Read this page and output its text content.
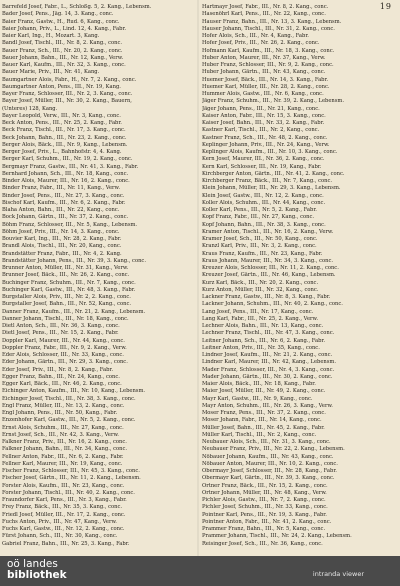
19
Barrefeld Josef, Fabr., L., Schloßg. 5, 2. Kang., Lebensm.
Bader Josef, Pens., Jäg. 14, 3. Kang., conc.
Baier Franz, Gastw., H., Rud. 6, Kang., conc.
Baier Johann, Priv., L., Lind. 12, 4. Kang., Fabr.
Baier Karl, Ing., H., Mozart. 3, Kang.
Bandl Josef, Tischl., III., Nr. 8, 2. Kang., conc.
Bauer Franz, Sch., III., Nr. 20, 2. Kang., conc.
Bauer Johann, Bahn., III., Nr. 12, Kang., Verw.
Bauer Karl, Kaufm., III., Nr. 32, 3. Kang., conc.
Bauer Marie, Priv., III., Nr. 41, Kang.
Baumgartner Alois, Fabr., H., Nr. 7, 2. Kang., conc.
Baumgartner Anton, Pens., III., Nr. 19, Kang.
Bayer Franz, Schlosser, III., Nr. 2, 3. Kang., conc.
Bayer Josef, Müller, III., Nr. 30, 2. Kang., Bauern,
(Unteres) 128, Kang.
Bayer Leopold, Verw., III., Nr. 3, Kang., conc.
Beck Anton, Pens., III., Nr. 25, 2. Kang., Fabr.
Beck Franz, Tischl., III., Nr. 17, 3. Kang., conc.
Beck Johann, Bahn., III., Nr. 23, 2. Kang., conc.
Berger Alois, Bäck., III., Nr. 9, Kang., Lebensm.
Berger Josef, Priv., L., Bahnhofstr. 4, 4. Kang.
Berger Karl, Schuhm., III., Nr. 19, 2. Kang., conc.
Bergmayr Franz, Gastw., III., Nr. 41, 3. Kang., Fabr.
Bernhard Johann, Sch., III., Nr. 18, Kang., conc.
Binder Alois, Maurer, III., Nr. 16, 2. Kang., conc.
Binder Franz, Fabr., III., Nr. 11, Kang., Verw.
Binder Josef, Pens., III., Nr. 27, 3. Kang., conc.
Bischof Karl, Kaufm., III., Nr. 6, 2. Kang., Fabr.
Blaha Anton, Bahn., III., Nr. 22, Kang., conc.
Bock Johann, Gärtn., III., Nr. 37, 2. Kang., conc.
Böhm Franz, Schlosser, III., Nr. 5, Kang., Lebensm.
Böhm Josef, Priv., III., Nr. 14, 3. Kang., conc.
Bouvier Karl, Ing., III., Nr. 28, 2. Kang., Fabr.
Brandl Alois, Tischl., III., Nr. 20, Kang., conc.
Brandstätter Franz, Fabr., III., Nr. 4, 2. Kang.
Brandstätter Johann, Pens., III., Nr. 39, 3. Kang., conc.
Brunner Anton, Müller, III., Nr. 31, Kang., Verw.
Brunner Josef, Bäck., III., Nr. 26, 2. Kang., conc.
Buchinger Franz, Schuhm., III., Nr. 7, Kang., conc.
Buchinger Karl, Gastw., III., Nr. 48, 3. Kang., Fabr.
Burgstaller Alois, Priv., III., Nr. 2, 2. Kang., conc.
Burgstaller Josef, Bahn., III., Nr. 52, Kang., conc.
Danner Franz, Kaufm., III., Nr. 21, 2. Kang., Lebensm.
Danner Johann, Tischl., III., Nr. 18, Kang., conc.
Dietl Anton, Sch., III., Nr. 36, 3. Kang., conc.
Dietl Josef, Pens., III., Nr. 15, 2. Kang., Fabr.
Doppler Karl, Maurer, III., Nr. 44, Kang., conc.
Doppler Franz, Fabr., III., Nr. 9, 2. Kang., Verw.
Eder Alois, Schlosser, III., Nr. 33, Kang., conc.
Eder Johann, Gärtn., III., Nr. 29, 3. Kang., conc.
Eder Josef, Priv., III., Nr. 8, 2. Kang., Fabr.
Egger Franz, Bahn., III., Nr. 24, Kang., conc.
Egger Karl, Bäck., III., Nr. 46, 2. Kang., conc.
Eichinger Anton, Kaufm., III., Nr. 10, Kang., Lebensm.
Eichinger Josef, Tischl., III., Nr. 38, 3. Kang., conc.
Engl Franz, Müller, III., Nr. 13, 2. Kang., conc.
Engl Johann, Pens., III., Nr. 50, Kang., Fabr.
Enzenhofer Karl, Gastw., III., Nr. 5, 2. Kang., conc.
Ernst Alois, Schuhm., III., Nr. 27, Kang., conc.
Ernst Josef, Sch., III., Nr. 42, 3. Kang., Verw.
Falkner Franz, Priv., III., Nr. 16, 2. Kang., conc.
Falkner Johann, Bahn., III., Nr. 34, Kang., conc.
Fellner Anton, Fabr., III., Nr. 6, 2. Kang., Fabr.
Fellner Karl, Maurer, III., Nr. 19, Kang., conc.
Fischer Franz, Schlosser, III., Nr. 45, 3. Kang., conc.
Fischer Josef, Gärtn., III., Nr. 11, 2. Kang., Lebensm.
Forster Alois, Kaufm., III., Nr. 23, Kang., conc.
Forster Johann, Tischl., III., Nr. 40, 2. Kang., conc.
Fraundorfer Karl, Pens., III., Nr. 3, Kang., Fabr.
Frey Franz, Bäck., III., Nr. 35, 3. Kang., conc.
Friedl Josef, Müller, III., Nr. 17, 2. Kang., conc.
Fuchs Anton, Priv., III., Nr. 47, Kang., Verw.
Fuchs Karl, Gastw., III., Nr. 12, 2. Kang., conc.
Fürst Johann, Sch., III., Nr. 30, Kang., conc.
Gabriel Franz, Bahn., III., Nr. 25, 3. Kang., Fabr.
Hartmayr Josef, Fabr., III., Nr. 8, 2. Kang., conc.
Hasenöhrl Karl, Pens., III., Nr. 22, Kang., conc.
Hauser Franz, Bahn., III., Nr. 13, 3. Kang., Lebensm.
Hauser Johann, Tischl., III., Nr. 31, 2. Kang., conc.
Hofer Alois, Sch., III., Nr. 4, Kang., Fabr.
Hofer Josef, Priv., III., Nr. 26, 2. Kang., conc.
Hofmann Karl, Kaufm., III., Nr. 18, 3. Kang., conc.
Huber Anton, Maurer, III., Nr. 37, Kang., Verw.
Huber Franz, Schlosser, III., Nr. 9, 2. Kang., conc.
Huber Johann, Gärtn., III., Nr. 43, Kang., conc.
Huemer Josef, Bäck., III., Nr. 14, 3. Kang., Fabr.
Huemer Karl, Müller, III., Nr. 28, 2. Kang., conc.
Hummer Alois, Gastw., III., Nr. 6, Kang., conc.
Jäger Franz, Schuhm., III., Nr. 39, 2. Kang., Lebensm.
Jäger Johann, Pens., III., Nr. 21, Kang., conc.
Kaiser Anton, Fabr., III., Nr. 15, 3. Kang., conc.
Kaiser Josef, Bahn., III., Nr. 33, 2. Kang., Fabr.
Kastner Karl, Tischl., III., Nr. 2, Kang., conc.
Kastner Franz, Sch., III., Nr. 48, 2. Kang., conc.
Keplinger Johann, Priv., III., Nr. 24, Kang., Verw.
Keplinger Alois, Kaufm., III., Nr. 10, 3. Kang., conc.
Kern Josef, Maurer, III., Nr. 36, 2. Kang., conc.
Kern Karl, Schlosser, III., Nr. 19, Kang., Fabr.
Kirchberger Anton, Gärtn., III., Nr. 41, 2. Kang., conc.
Kirchberger Franz, Bäck., III., Nr. 7, Kang., conc.
Klein Johann, Müller, III., Nr. 29, 3. Kang., Lebensm.
Klein Josef, Gastw., III., Nr. 12, 2. Kang., conc.
Koller Alois, Schuhm., III., Nr. 44, Kang., conc.
Koller Karl, Pens., III., Nr. 5, 2. Kang., Fabr.
Kopf Franz, Fabr., III., Nr. 27, Kang., conc.
Kopf Johann, Bahn., III., Nr. 38, 3. Kang., conc.
Kramer Anton, Tischl., III., Nr. 16, 2. Kang., Verw.
Kramer Josef, Sch., III., Nr. 50, Kang., conc.
Kranzl Karl, Priv., III., Nr. 3, 2. Kang., conc.
Kraus Franz, Kaufm., III., Nr. 23, Kang., Fabr.
Kraus Johann, Maurer, III., Nr. 34, 3. Kang., conc.
Kreuzer Alois, Schlosser, III., Nr. 11, 2. Kang., conc.
Kreuzer Josef, Gärtn., III., Nr. 46, Kang., Lebensm.
Kurz Karl, Bäck., III., Nr. 20, 2. Kang., conc.
Kurz Anton, Müller, III., Nr. 32, Kang., conc.
Lackner Franz, Gastw., III., Nr. 8, 3. Kang., Fabr.
Lackner Johann, Schuhm., III., Nr. 40, 2. Kang., conc.
Lang Josef, Pens., III., Nr. 17, Kang., conc.
Lang Karl, Fabr., III., Nr. 25, 2. Kang., Verw.
Lechner Alois, Bahn., III., Nr. 13, Kang., conc.
Lechner Franz, Tischl., III., Nr. 47, 3. Kang., conc.
Leitner Johann, Sch., III., Nr. 6, 2. Kang., Fabr.
Leitner Anton, Priv., III., Nr. 35, Kang., conc.
Lindner Josef, Kaufm., III., Nr. 21, 2. Kang., conc.
Lindner Karl, Maurer, III., Nr. 42, Kang., Lebensm.
Mader Franz, Schlosser, III., Nr. 4, 3. Kang., conc.
Mader Johann, Gärtn., III., Nr. 30, 2. Kang., conc.
Maier Alois, Bäck., III., Nr. 18, Kang., Fabr.
Maier Josef, Müller, III., Nr. 49, 2. Kang., conc.
Mayr Karl, Gastw., III., Nr. 9, Kang., conc.
Mayr Anton, Schuhm., III., Nr. 26, 3. Kang., Verw.
Moser Franz, Pens., III., Nr. 37, 2. Kang., conc.
Moser Johann, Fabr., III., Nr. 14, Kang., conc.
Müller Josef, Bahn., III., Nr. 45, 2. Kang., Fabr.
Müller Karl, Tischl., III., Nr. 2, Kang., conc.
Neubauer Alois, Sch., III., Nr. 31, 3. Kang., conc.
Neubauer Franz, Priv., III., Nr. 22, 2. Kang., Lebensm.
Nöbauer Johann, Kaufm., III., Nr. 43, Kang., conc.
Nöbauer Anton, Maurer, III., Nr. 10, 2. Kang., conc.
Obermayr Josef, Schlosser, III., Nr. 28, Kang., Fabr.
Obermayr Karl, Gärtn., III., Nr. 39, 3. Kang., conc.
Ortner Franz, Bäck., III., Nr. 15, 2. Kang., conc.
Ortner Johann, Müller, III., Nr. 48, Kang., Verw.
Pichler Alois, Gastw., III., Nr. 7, 2. Kang., conc.
Pichler Josef, Schuhm., III., Nr. 33, Kang., conc.
Pointner Karl, Pens., III., Nr. 19, 3. Kang., Fabr.
Pointner Anton, Fabr., III., Nr. 41, 2. Kang., conc.
Prammer Franz, Bahn., III., Nr. 5, Kang., conc.
Prammer Johann, Tischl., III., Nr. 24, 2. Kang., Lebensm.
Reisinger Josef, Sch., III., Nr. 36, Kang., conc.
oö landes
bibliothek	intranda viewer
